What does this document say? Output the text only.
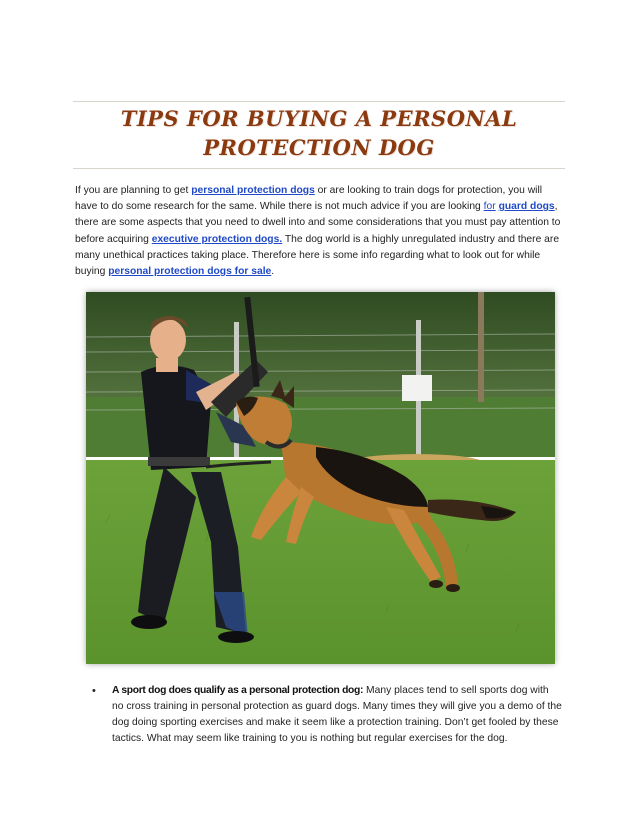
TIPS FOR BUYING A PERSONAL
PROTECTION DOG

If you are planning to get personal protection dogs or are looking to train dogs for protection, you will have to do some research for the same. While there is not much advice if you are looking for guard dogs, there are some aspects that you need to dwell into and some considerations that you must pay attention to before acquiring executive protection dogs. The dog world is a highly unregulated industry and there are many unethical practices taking place. Therefore here is some info regarding what to look out for while buying personal protection dogs for sale.

• A sport dog does qualify as a personal protection dog: Many places tend to sell sports dog with no cross training in personal protection as guard dogs. Many times they will give you a demo of the dog doing sporting exercises and make it seem like a protection training. Don’t get fooled by these tactics. What may seem like training to you is nothing but regular exercises for the dog.
